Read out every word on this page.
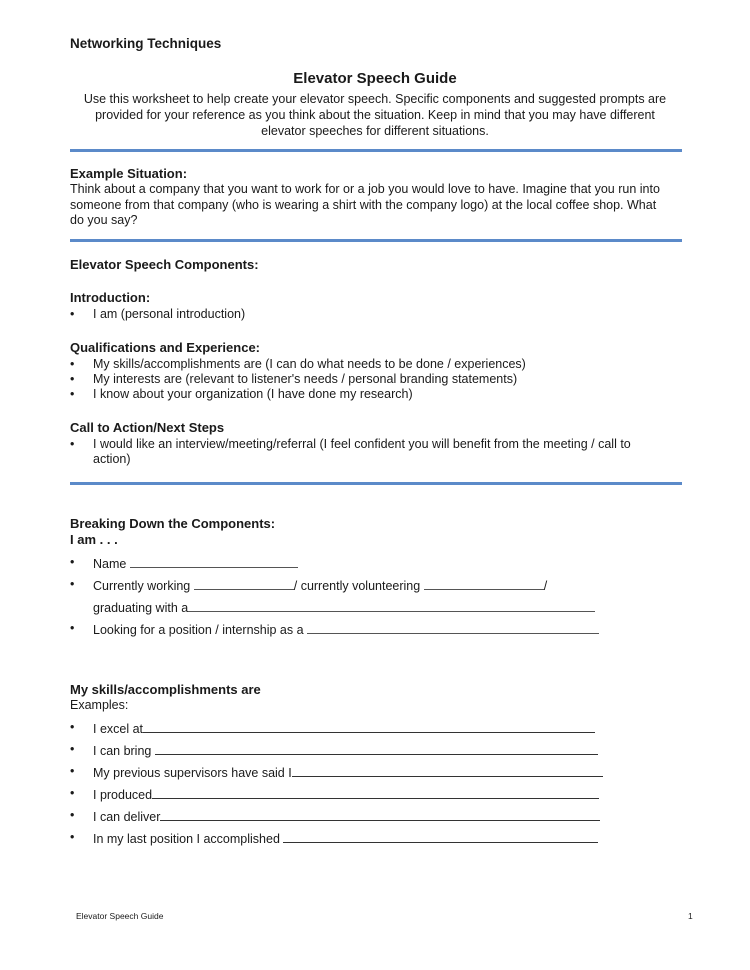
Networking Techniques
Elevator Speech Guide
Use this worksheet to help create your elevator speech. Specific components and suggested prompts are
provided for your reference as you think about the situation. Keep in mind that you may have different
elevator speeches for different situations.
Example Situation:
Think about a company that you want to work for or a job you would love to have. Imagine that you run into
someone from that company (who is wearing a shirt with the company logo) at the local coffee shop. What
do you say?
Elevator Speech Components:
Introduction:
•	I am (personal introduction)
Qualifications and Experience:
•	My skills/accomplishments are (I can do what needs to be done / experiences)
•	My interests are (relevant to listener's needs / personal branding statements)
•	I know about your organization (I have done my research)
Call to Action/Next Steps
•	I would like an interview/meeting/referral (I feel confident you will benefit from the meeting / call to
action)
Breaking Down the Components:
I am . . .
•	Name
•	Currently working	/ currently volunteering	/
graduating with a
•	Looking for a position / internship as a
My skills/accomplishments are
Examples:
•	I excel at
•	I can bring
•	My previous supervisors have said I
•	I produced
•	I can deliver
•	In my last position I accomplished
Elevator Speech Guide	1
